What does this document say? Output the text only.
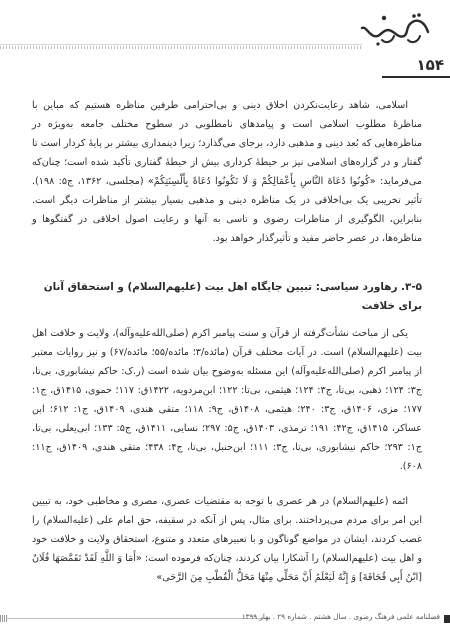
۱۵۴

اسلامی، شاهد رعایت‌نکردن اخلاق دینی و بی‌احترامی طرفین مناظره هستیم که مباین با مناظرهٔ مطلوب اسلامی است و پیامدهای نامطلوبی در سطوح مختلف جامعه به‌ویژه در مناظره‌هایی که بُعد دینی و مذهبی دارد، برجای می‌گذارد؛ زیرا دینمداری بیشتر بر پایهٔ کردار است تا گفتار و در گزاره‌های اسلامی نیز بر حیطهٔ کرداری بیش از حیطهٔ گفتاری تأکید شده است؛ چنان‌که می‌فرماید: «كُونُوا دُعَاةَ النَّاسِ بِأَعْمَالِكُمْ وَ لَا تَكُونُوا دُعَاةً بِأَلْسِنَتِكُمْ» (مجلسی، ۱۳۶۲، ج۵: ۱۹۸). تأثیر تخریبی یک بی‌اخلاقی در یک مناظره دینی و مذهبی بسیار بیشتر از مناظرات دیگر است. بنابراین، الگوگیری از مناظرات رضوی و تاسی به آنها و رعایت اصول اخلاقی در گفتگوها و مناظره‌ها، در عصر حاضر مفید و تأثیرگذار خواهد بود.

۳-۵. رهاورد سیاسی: تبیین جایگاه اهل بیت (علیهم‌السلام) و استحقاق آنان برای خلافت

یکی از مباحث نشأت‌گرفته از قرآن و سنت پیامبر اکرم (صلی‌الله‌علیه‌وآله)، ولایت و خلافت اهل بیت (علیهم‌السلام) است. در آیات مختلف قرآن (مائده/۳؛ مائده/۵۵؛ مائده/۶۷) و نیز روایات معتبر از پیامبر اکرم (صلی‌الله‌علیه‌وآله) این مسئله به‌وضوح بیان شده است (ر.ک: حاکم نیشابوری، بی‌تا، ج۳: ۱۲۴؛ ذهبی، بی‌تا، ج۳: ۱۲۴؛ هیثمی، بی‌تا: ۱۲۲؛ ابن‌مردویه، ۱۴۲۲ق: ۱۱۷؛ حموی، ۱۴۱۵ق، ج۱: ۱۷۷؛ مزی، ۱۴۰۶ق، ج۳: ۲۴۰؛ هیثمی، ۱۴۰۸ق، ج۹: ۱۱۸؛ متقی هندی، ۱۴۰۹ق، ج۱: ۶۱۲؛ ابن عساکر، ۱۴۱۵ق، ج۴۲: ۱۹۱؛ ترمذی، ۱۴۰۳ق، ج۵: ۲۹۷؛ نسایی، ۱۴۱۱ق، ج۵: ۱۳۳؛ ابی‌یعلی، بی‌تا، ج۱: ۲۹۳؛ حاکم نیشابوری، بی‌تا، ج۳: ۱۱۱؛ ابن‌حنبل، بی‌تا، ج۴: ۴۳۸؛ متقی هندی، ۱۴۰۹ق، ج۱۱: ۶۰۸).

ائمه (علیهم‌السلام) در هر عصری با توجه به مقتضیات عصری، مصری و مخاطبی خود، به تبیین این امر برای مردم می‌پرداختند. برای مثال، پس از آنکه در سقیفه، حق امام علی (علیه‌السلام) را غصب کردند، ایشان در مواضع گوناگون و با تعبیرهای متعدد و متنوع، استحقاق ولایت و خلافت خود و اهل بیت (علیهم‌السلام) را آشکارا بیان کردند، چنان‌که فرموده است: «أَمَا وَ اللَّهِ لَقَدْ تَقَمَّصَهَا فُلَانٌ [ابْنُ أَبِي قُحَافَةَ] وَ إِنَّهُ لَيَعْلَمُ أَنَّ مَحَلِّي مِنْهَا مَحَلُّ الْقُطْبِ مِنَ الرَّحَى»

فصلنامه علمی فرهنگ رضوی . سال هشتم . شماره ۲۹ . بهار ۱۳۹۹
